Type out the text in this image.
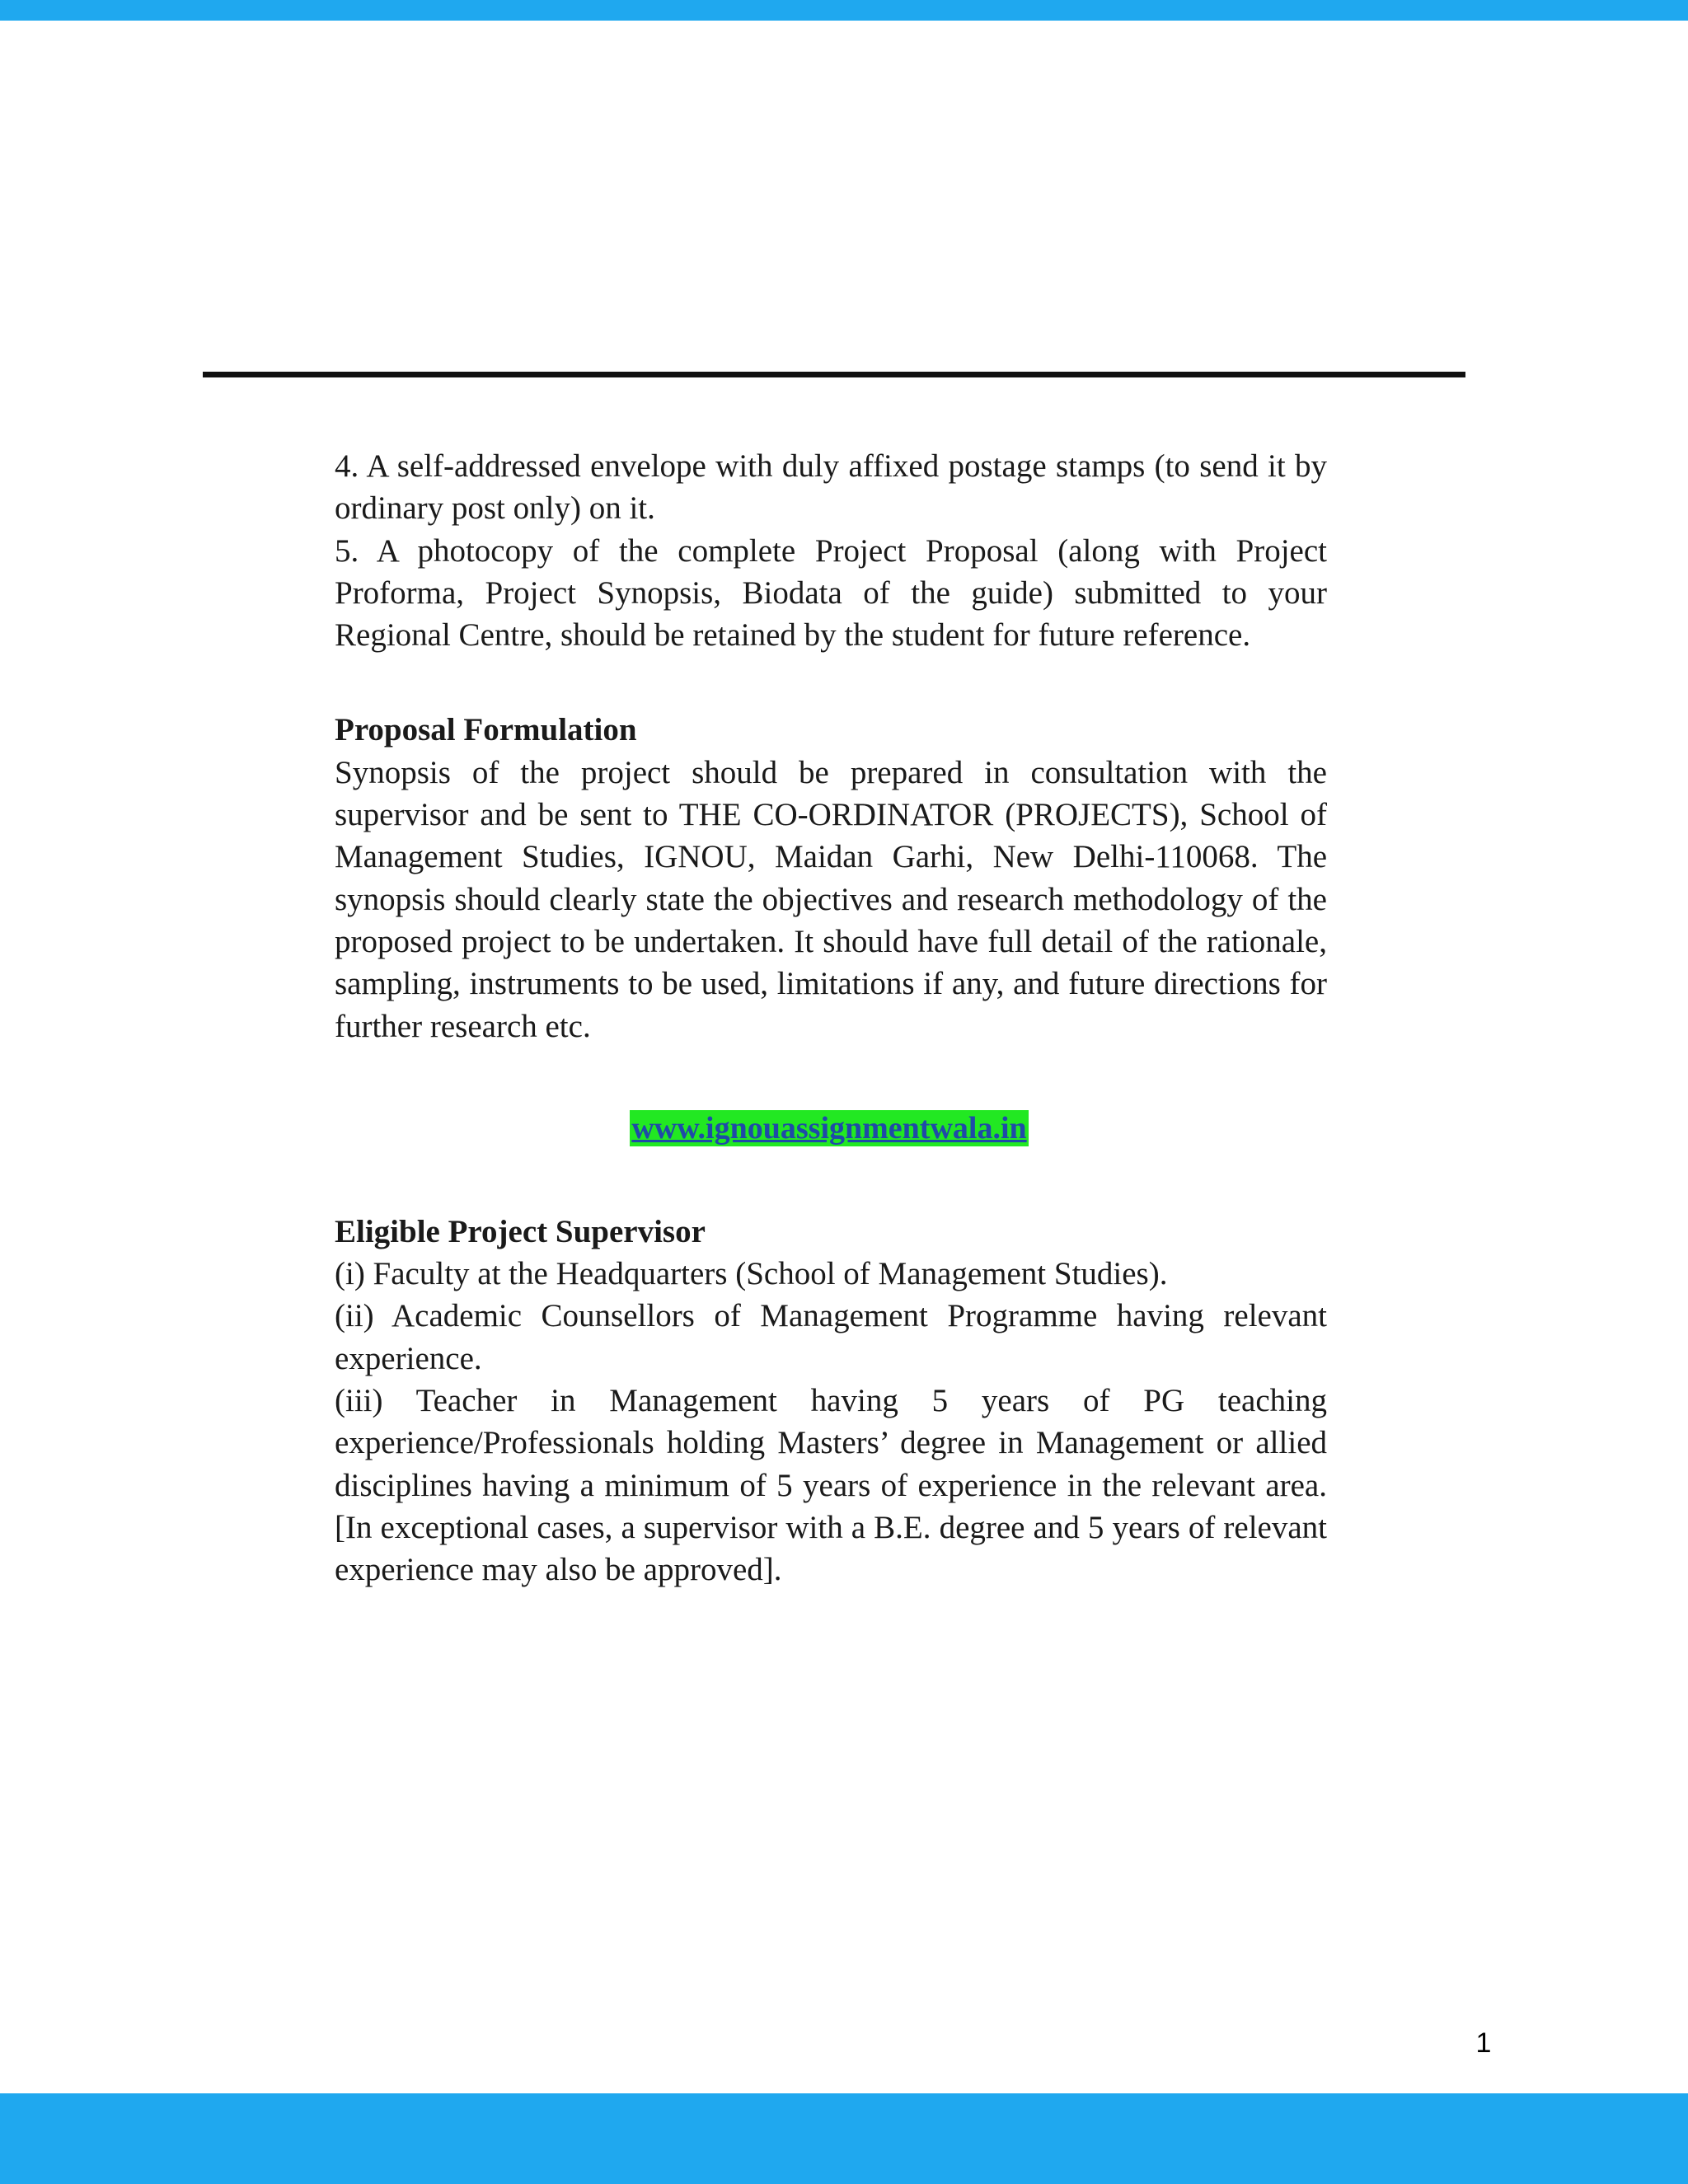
4. A self-addressed envelope with duly affixed postage stamps (to send it by ordinary post only) on it.

5. A photocopy of the complete Project Proposal (along with Project Proforma, Project Synopsis, Biodata of the guide) submitted to your Regional Centre, should be retained by the student for future reference.

Proposal Formulation

Synopsis of the project should be prepared in consultation with the supervisor and be sent to THE CO-ORDINATOR (PROJECTS), School of Management Studies, IGNOU, Maidan Garhi, New Delhi-110068. The synopsis should clearly state the objectives and research methodology of the proposed project to be undertaken. It should have full detail of the rationale, sampling, instruments to be used, limitations if any, and future directions for further research etc.

www.ignouassignmentwala.in

Eligible Project Supervisor

(i) Faculty at the Headquarters (School of Management Studies).

(ii) Academic Counsellors of Management Programme having relevant experience.

(iii) Teacher in Management having 5 years of PG teaching experience/Professionals holding Masters’ degree in Management or allied disciplines having a minimum of 5 years of experience in the relevant area. [In exceptional cases, a supervisor with a B.E. degree and 5 years of relevant experience may also be approved].

1
